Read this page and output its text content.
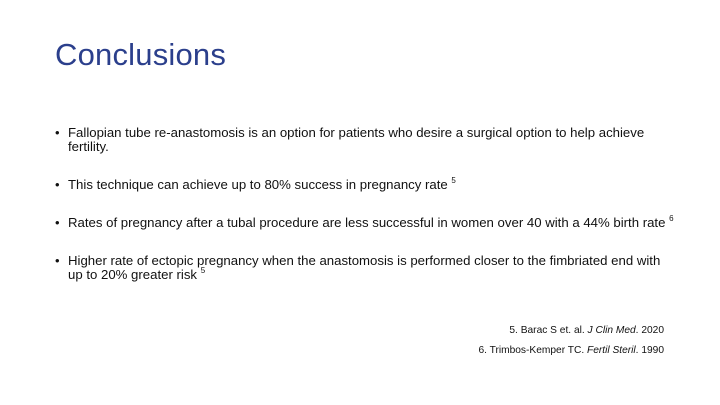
Conclusions
• Fallopian tube re-anastomosis is an option for patients who desire a surgical option to help achieve fertility.
• This technique can achieve up to 80% success in pregnancy rate $^5$
• Rates of pregnancy after a tubal procedure are less successful in women over 40 with a 44% birth rate $^6$
• Higher rate of ectopic pregnancy when the anastomosis is performed closer to the fimbriated end with up to 20% greater risk $^5$
5. Barac S et. al. J Clin Med. 2020
6. Trimbos-Kemper TC. Fertil Steril. 1990
